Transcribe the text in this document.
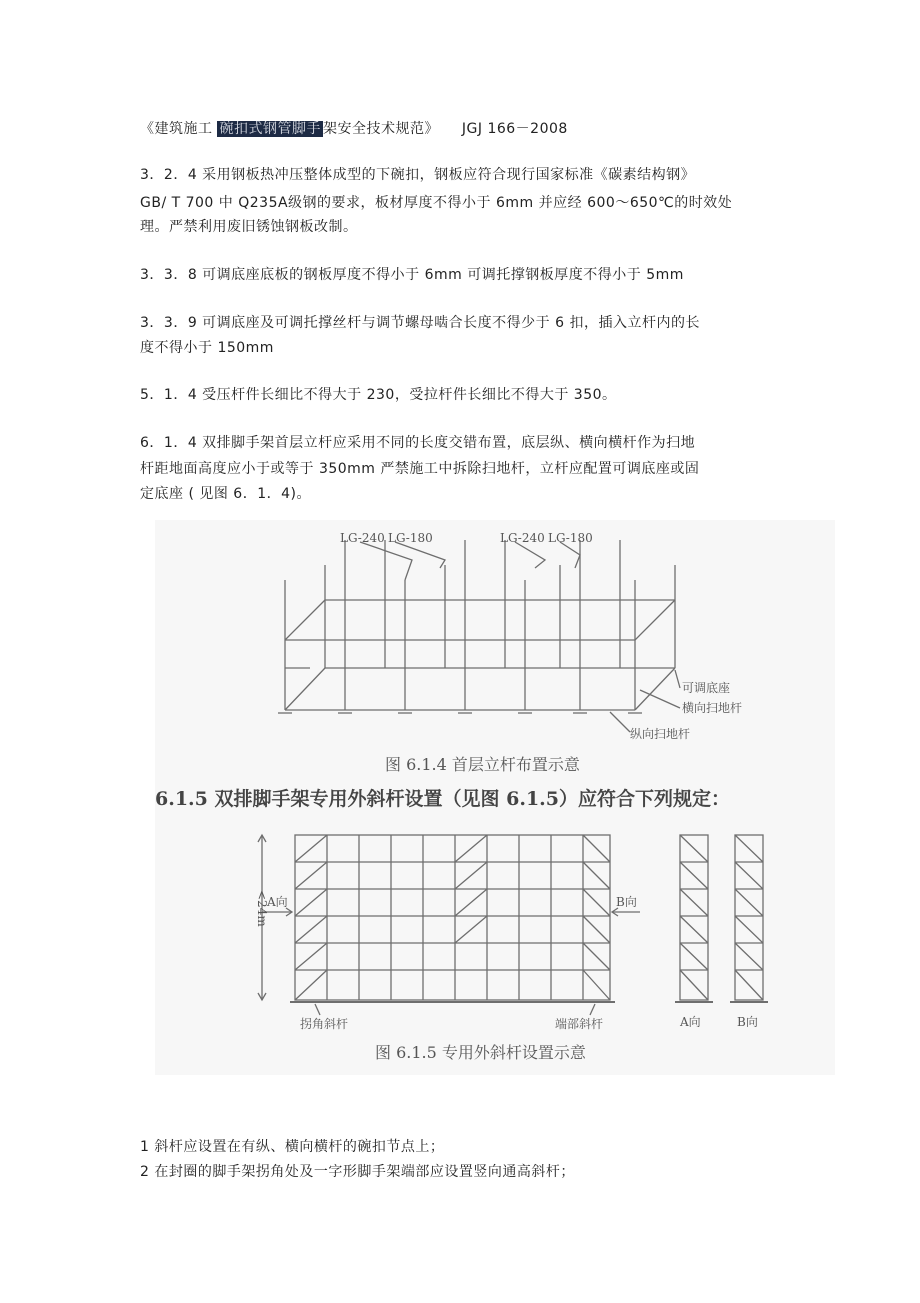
《建筑施工 碗扣式钢管脚手 架安全技术规范》 JGJ 166－2008
3．2．4 采用钢板热冲压整体成型的下碗扣，钢板应符合现行国家标准《碳素结构钢》
GB/ T 700 中 Q235A级钢的要求，板材厚度不得小于 6mm 并应经 600～650℃的时效处
理。严禁利用废旧锈蚀钢板改制。
3．3．8 可调底座底板的钢板厚度不得小于 6mm 可调托撑钢板厚度不得小于 5mm
3．3．9 可调底座及可调托撑丝杆与调节螺母啮合长度不得少于 6 扣，插入立杆内的长
度不得小于 150mm
5．1．4 受压杆件长细比不得大于 230，受拉杆件长细比不得大于 350。
6．1．4 双排脚手架首层立杆应采用不同的长度交错布置，底层纵、横向横杆作为扫地
杆距地面高度应小于或等于 350mm 严禁施工中拆除扫地杆，立杆应配置可调底座或固
定底座 ( 见图 6．1．4)。
LG-240 LG-180	LG-240 LG-180
可调底座
横向扫地杆
纵向扫地杆
图 6.1.4 首层立杆布置示意
6.1.5 双排脚手架专用外斜杆设置（见图 6.1.5）应符合下列规定：
<24m
A向	B向
拐角斜杆	端部斜杆	A向	B向
图 6.1.5 专用外斜杆设置示意
1 斜杆应设置在有纵、横向横杆的碗扣节点上；
2 在封圈的脚手架拐角处及一字形脚手架端部应设置竖向通高斜杆；
